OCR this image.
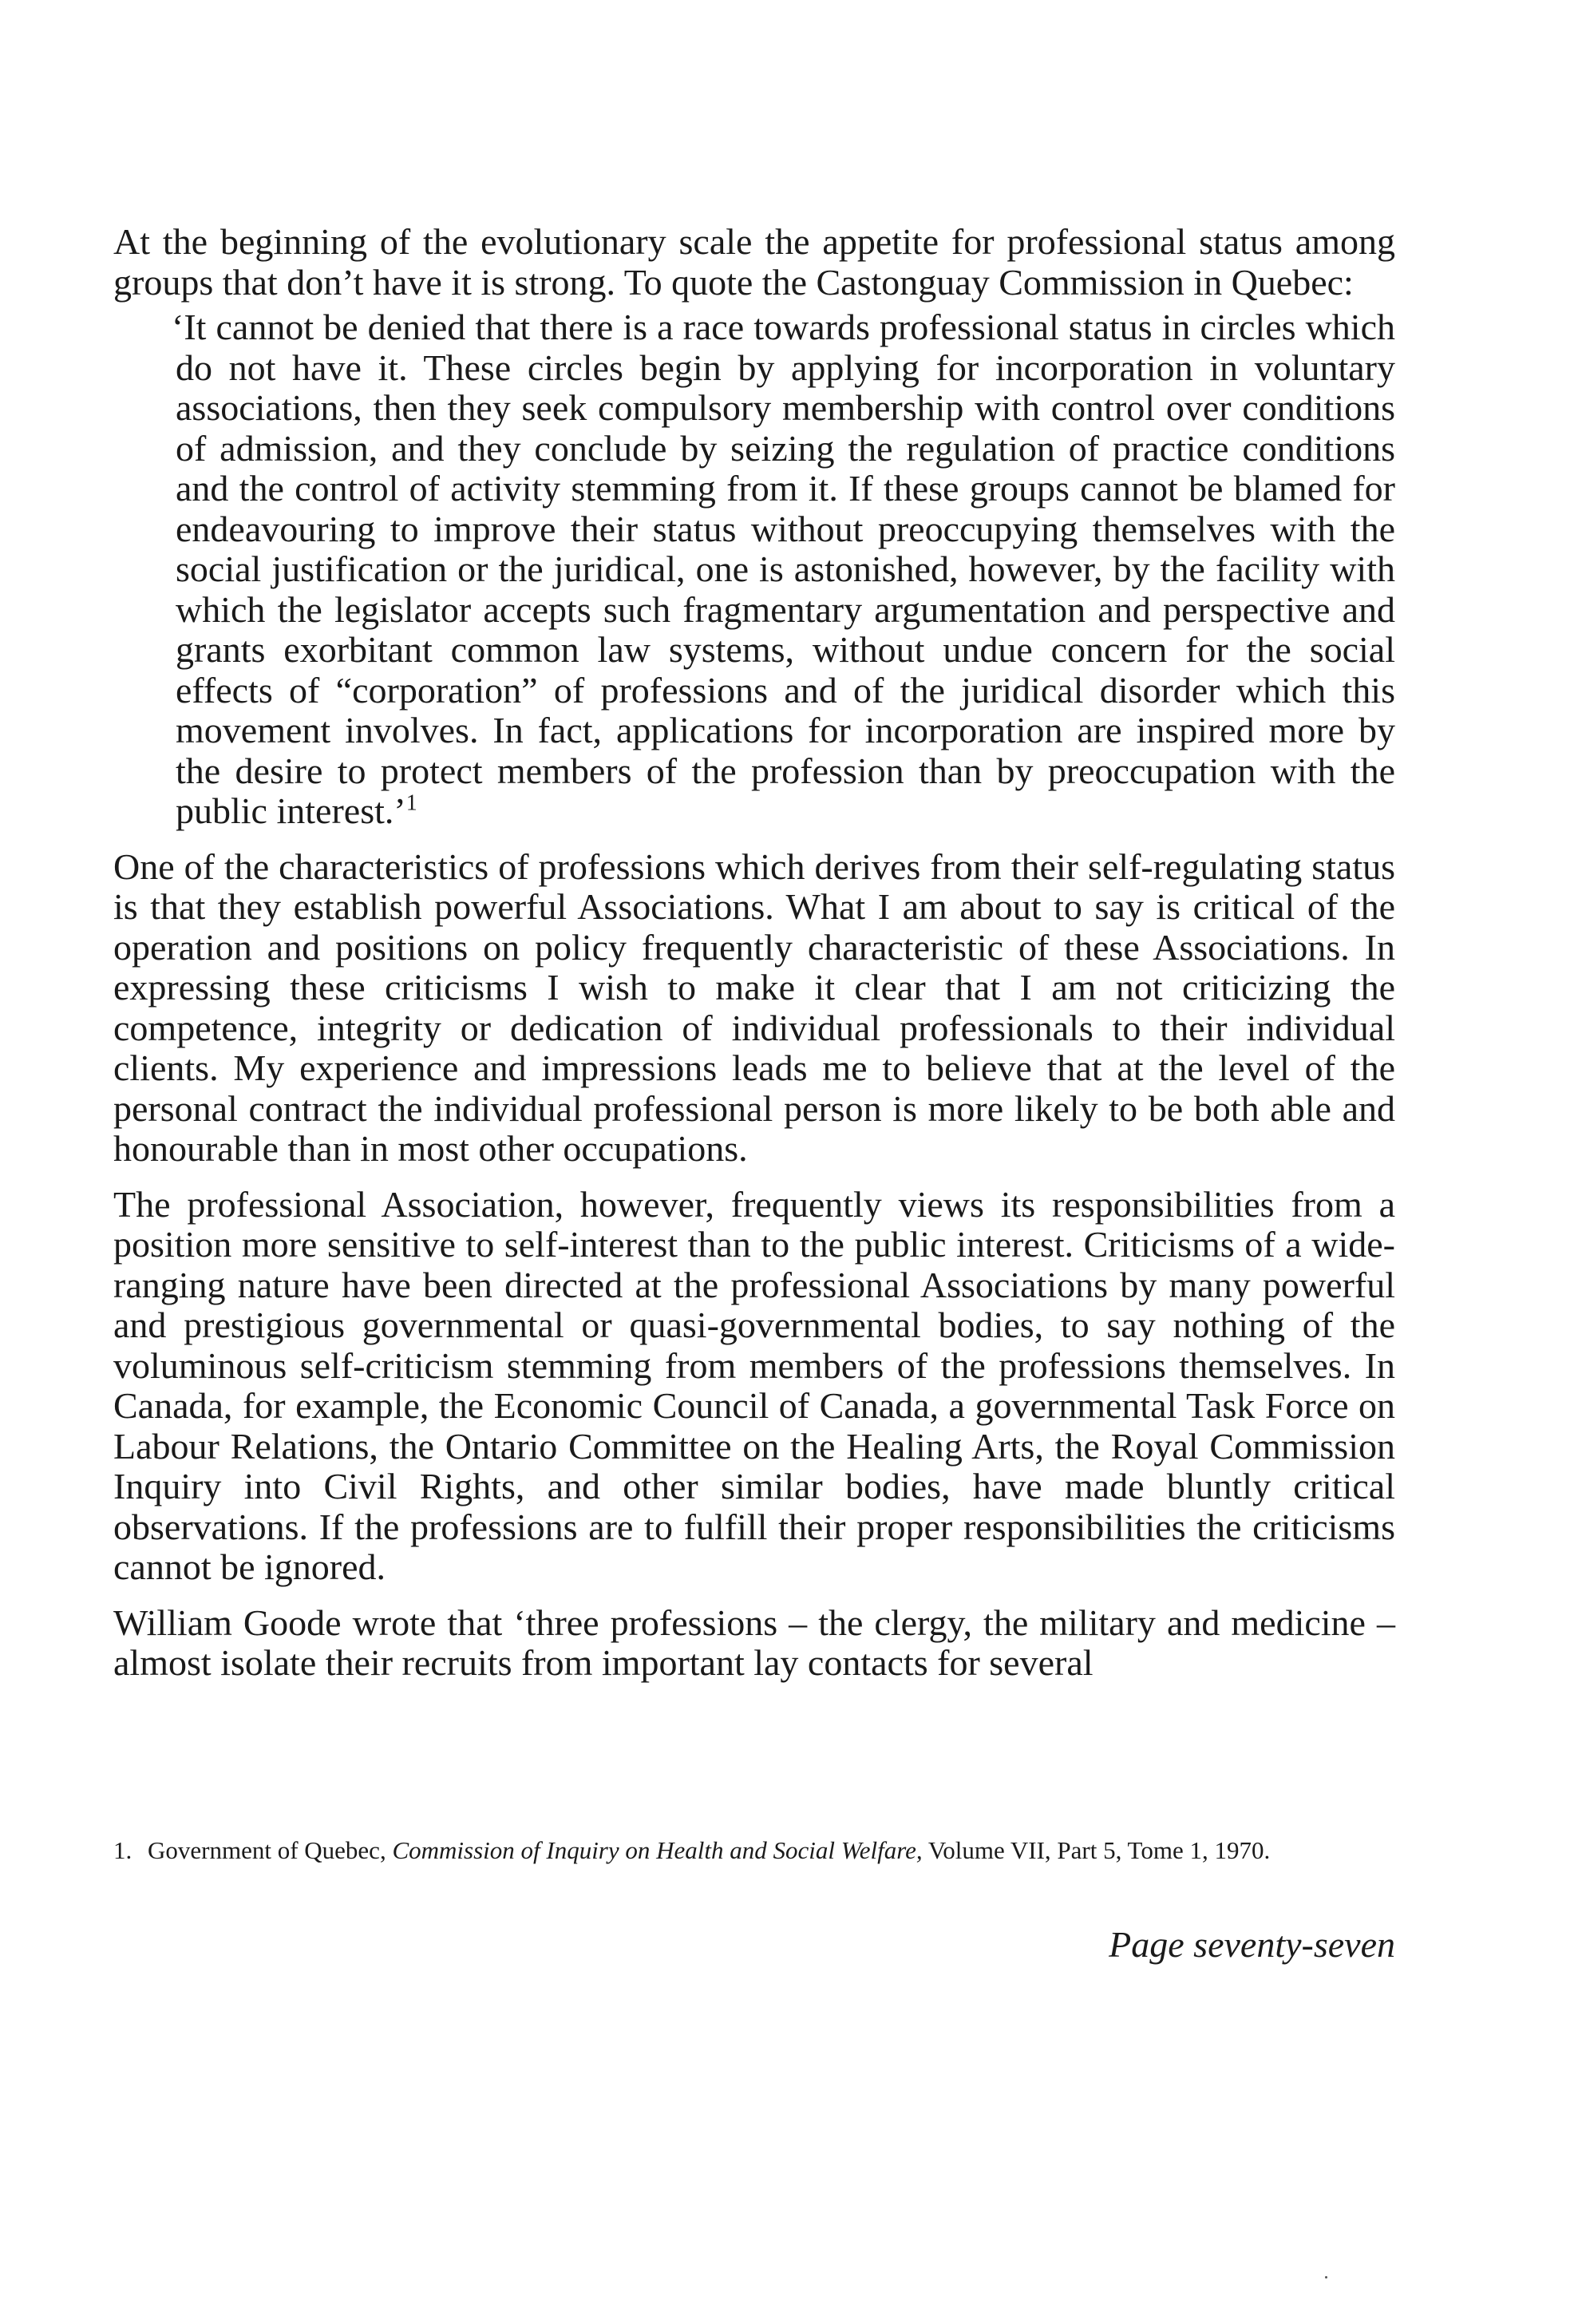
At the beginning of the evolutionary scale the appetite for professional status among groups that don’t have it is strong. To quote the Castonguay Commission in Quebec:

‘It cannot be denied that there is a race towards professional status in circles which do not have it. These circles begin by applying for incorporation in voluntary associations, then they seek compulsory membership with control over conditions of admission, and they conclude by seizing the regulation of practice conditions and the control of activity stemming from it. If these groups cannot be blamed for endeavouring to improve their status without preoccupying themselves with the social justification or the juridical, one is astonished, however, by the facility with which the legislator accepts such fragmentary argumentation and perspective and grants exorbitant common law systems, without undue concern for the social effects of “corporation” of professions and of the juridical disorder which this movement involves. In fact, applications for incorporation are inspired more by the desire to protect members of the profession than by preoccupation with the public interest.’$^1$

One of the characteristics of professions which derives from their self-regulating status is that they establish powerful Associations. What I am about to say is critical of the operation and positions on policy frequently characteristic of these Associations. In expressing these criticisms I wish to make it clear that I am not criticizing the competence, integrity or dedication of individual professionals to their individual clients. My experience and impressions leads me to believe that at the level of the personal contract the individual professional person is more likely to be both able and honourable than in most other occupations.

The professional Association, however, frequently views its responsibilities from a position more sensitive to self-interest than to the public interest. Criticisms of a wide-ranging nature have been directed at the professional Associations by many powerful and prestigious governmental or quasi-governmental bodies, to say nothing of the voluminous self-criticism stemming from members of the professions themselves. In Canada, for example, the Economic Council of Canada, a governmental Task Force on Labour Relations, the Ontario Committee on the Healing Arts, the Royal Commission Inquiry into Civil Rights, and other similar bodies, have made bluntly critical observations. If the professions are to fulfill their proper responsibilities the criticisms cannot be ignored.

William Goode wrote that ‘three professions – the clergy, the military and medicine – almost isolate their recruits from important lay contacts for several

1. Government of Quebec, Commission of Inquiry on Health and Social Welfare, Volume VII, Part 5, Tome 1, 1970.
Page seventy-seven
